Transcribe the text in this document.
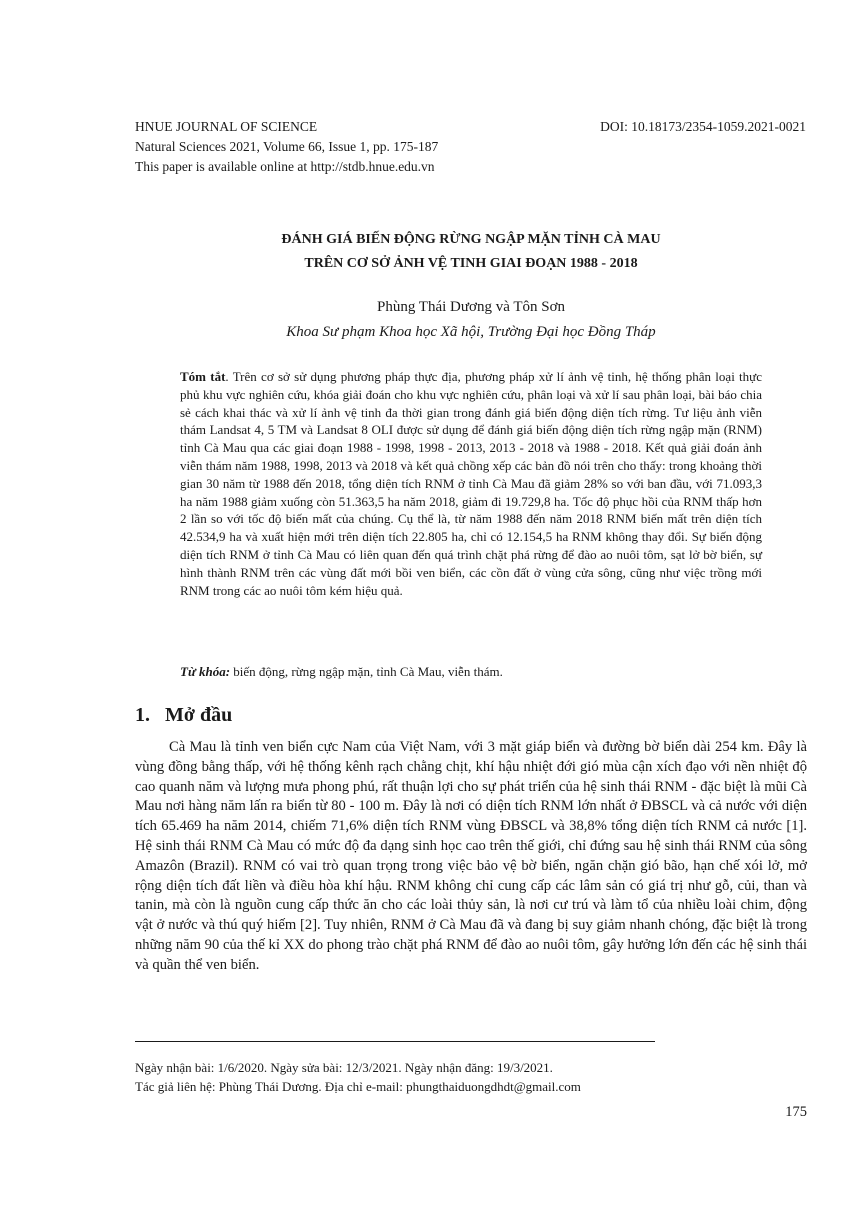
HNUE JOURNAL OF SCIENCE
Natural Sciences 2021, Volume 66, Issue 1, pp. 175-187
This paper is available online at http://stdb.hnue.edu.vn
DOI: 10.18173/2354-1059.2021-0021
ĐÁNH GIÁ BIẾN ĐỘNG RỪNG NGẬP MẶN TỈNH CÀ MAU
TRÊN CƠ SỞ ẢNH VỆ TINH GIAI ĐOẠN 1988 - 2018
Phùng Thái Dương và Tôn Sơn
Khoa Sư phạm Khoa học Xã hội, Trường Đại học Đồng Tháp
Tóm tắt. Trên cơ sở sử dụng phương pháp thực địa, phương pháp xử lí ảnh vệ tinh, hệ thống phân loại thực phủ khu vực nghiên cứu, khóa giải đoán cho khu vực nghiên cứu, phân loại và xử lí sau phân loại, bài báo chia sẻ cách khai thác và xử lí ảnh vệ tinh đa thời gian trong đánh giá biến động diện tích rừng. Tư liệu ảnh viễn thám Landsat 4, 5 TM và Landsat 8 OLI được sử dụng để đánh giá biến động diện tích rừng ngập mặn (RNM) tỉnh Cà Mau qua các giai đoạn 1988 - 1998, 1998 - 2013, 2013 - 2018 và 1988 - 2018. Kết quả giải đoán ảnh viễn thám năm 1988, 1998, 2013 và 2018 và kết quả chồng xếp các bản đồ nói trên cho thấy: trong khoảng thời gian 30 năm từ 1988 đến 2018, tổng diện tích RNM ở tỉnh Cà Mau đã giảm 28% so với ban đầu, với 71.093,3 ha năm 1988 giảm xuống còn 51.363,5 ha năm 2018, giảm đi 19.729,8 ha. Tốc độ phục hồi của RNM thấp hơn 2 lần so với tốc độ biến mất của chúng. Cụ thể là, từ năm 1988 đến năm 2018 RNM biến mất trên diện tích 42.534,9 ha và xuất hiện mới trên diện tích 22.805 ha, chỉ có 12.154,5 ha RNM không thay đổi. Sự biến động diện tích RNM ở tỉnh Cà Mau có liên quan đến quá trình chặt phá rừng để đào ao nuôi tôm, sạt lở bờ biển, sự hình thành RNM trên các vùng đất mới bồi ven biển, các cồn đất ở vùng cửa sông, cũng như việc trồng mới RNM trong các ao nuôi tôm kém hiệu quả.
Từ khóa: biến động, rừng ngập mặn, tỉnh Cà Mau, viễn thám.
1.   Mở đầu
Cà Mau là tỉnh ven biển cực Nam của Việt Nam, với 3 mặt giáp biển và đường bờ biển dài 254 km. Đây là vùng đồng bằng thấp, với hệ thống kênh rạch chằng chịt, khí hậu nhiệt đới gió mùa cận xích đạo với nền nhiệt độ cao quanh năm và lượng mưa phong phú, rất thuận lợi cho sự phát triển của hệ sinh thái RNM - đặc biệt là mũi Cà Mau nơi hàng năm lấn ra biển từ 80 - 100 m. Đây là nơi có diện tích RNM lớn nhất ở ĐBSCL và cả nước với diện tích 65.469 ha năm 2014, chiếm 71,6% diện tích RNM vùng ĐBSCL và 38,8% tổng diện tích RNM cả nước [1]. Hệ sinh thái RNM Cà Mau có mức độ đa dạng sinh học cao trên thế giới, chỉ đứng sau hệ sinh thái RNM của sông Amazôn (Brazil). RNM có vai trò quan trọng trong việc bảo vệ bờ biển, ngăn chặn gió bão, hạn chế xói lở, mở rộng diện tích đất liền và điều hòa khí hậu. RNM không chỉ cung cấp các lâm sản có giá trị như gỗ, củi, than và tanin, mà còn là nguồn cung cấp thức ăn cho các loài thủy sản, là nơi cư trú và làm tổ của nhiều loài chim, động vật ở nước và thú quý hiếm [2]. Tuy nhiên, RNM ở Cà Mau đã và đang bị suy giảm nhanh chóng, đặc biệt là trong những năm 90 của thế kỉ XX do phong trào chặt phá RNM để đào ao nuôi tôm, gây hưởng lớn đến các hệ sinh thái và quần thể ven biển.
Ngày nhận bài: 1/6/2020. Ngày sửa bài: 12/3/2021. Ngày nhận đăng: 19/3/2021.
Tác giả liên hệ: Phùng Thái Dương. Địa chỉ e-mail: phungthaiduongdhdt@gmail.com
175
